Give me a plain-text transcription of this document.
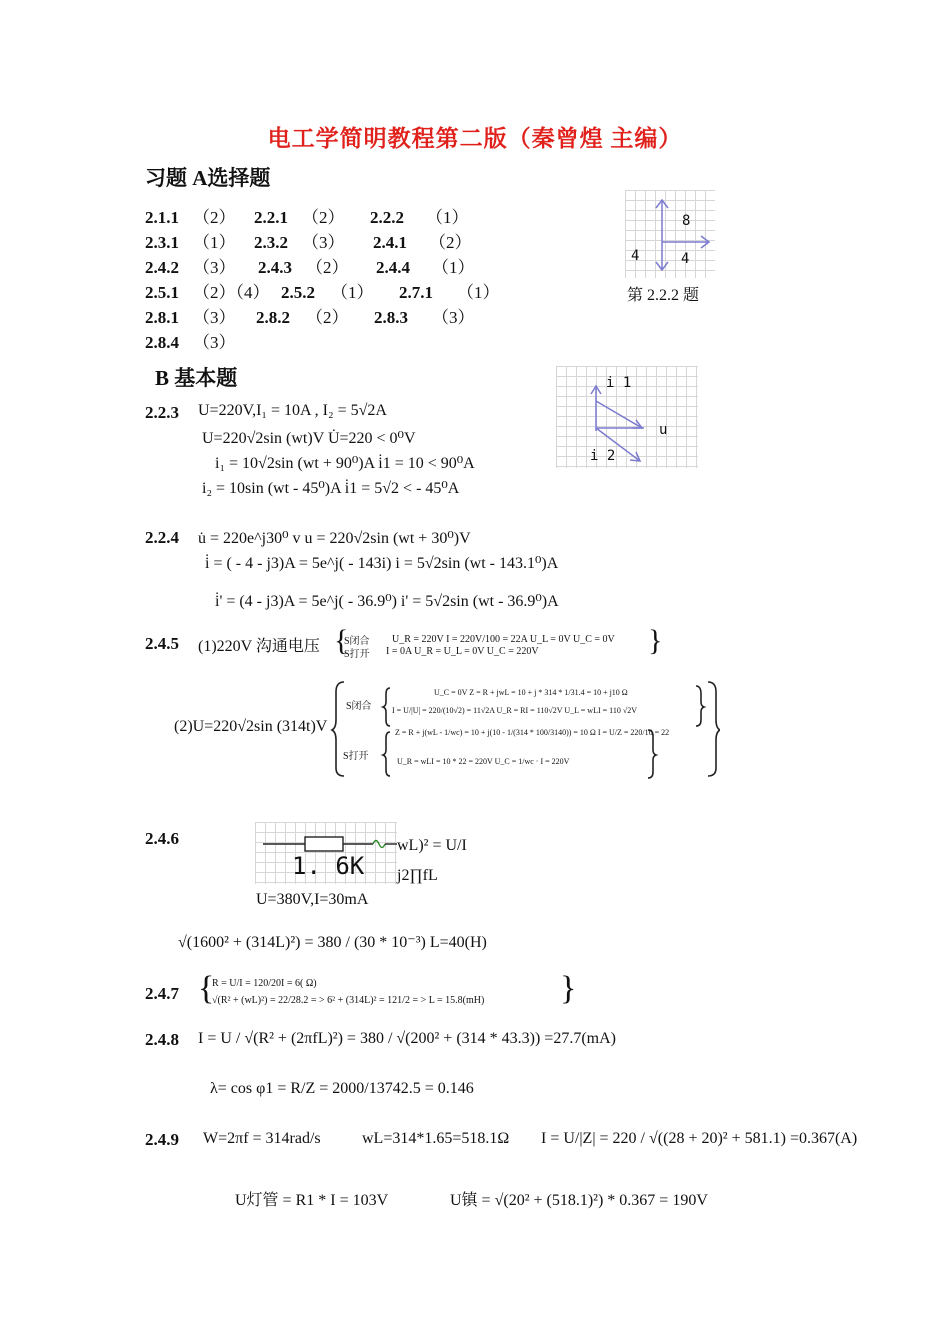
电工学简明教程第二版（秦曾煌 主编）
习题 A选择题
2.1.1 （2） 2.2.1 （2） 2.2.2 （1）
2.3.1 （1） 2.3.2 （3） 2.4.1 （2）
2.4.2 （3） 2.4.3 （2） 2.4.4 （1）
2.5.1 （2）（4） 2.5.2 （1） 2.7.1 （1）
2.8.1 （3） 2.8.2 （2） 2.8.3 （3）
2.8.4 （3）
8
4	4
第 2.2.2 题
B 基本题	i 1
u
i 2
2.2.3 U=220V,I₁ = 10A , I₂ = 5√2A
U=220√2sin (wt)V U̇=220 < 0⁰V
i₁ = 10√2sin (wt + 90⁰)A i̇1 = 10 < 90⁰A
i₂ = 10sin (wt - 45⁰)A i̇1 = 5√2 < - 45⁰A
2.2.4 u̇ = 220e^j30⁰ v u = 220√2sin (wt + 30⁰)V
i̇ = ( - 4 - j3)A = 5e^j( - 143i) i = 5√2sin (wt - 143.1⁰)A
i̇' = (4 - j3)A = 5e^j( - 36.9⁰) i' = 5√2sin (wt - 36.9⁰)A
2.4.5 (1)220V 沟通电压 {
S闭合
S打开
U_R = 220V I = 220V/100 = 22A U_L = 0V U_C = 0V
I = 0A U_R = U_L = 0V U_C = 220V	}
(2)U=220√2sin (314t)V
S闭合
S打开
U_C = 0V Z = R + jwL = 10 + j * 314 * 1/31.4 = 10 + j10 Ω
I = U/|U| = 220/(10√2) = 11√2A U_R = RI = 110√2V U_L = wLI = 110 √2V
Z = R + j(wL - 1/wc) = 10 + j(10 - 1/(314 * 100/3140)) = 10 Ω I = U/Z = 220/10 = 22
U_R = wLI = 10 * 22 = 220V U_C = 1/wc · I = 220V
2.4.6
1. 6K
wL)² = U/I
j2∏fL
U=380V,I=30mA
√(1600² + (314L)²) = 380 / (30 * 10⁻³) L=40(H)
2.4.7 {
R = U/I = 120/20I = 6( Ω)
√(R² + (wL)²) = 22/28.2 = > 6² + (314L)² = 121/2 = > L = 15.8(mH) }
2.4.8 I = U / √(R² + (2πfL)²) = 380 / √(200² + (314 * 43.3)) =27.7(mA)
λ= cos φ1 = R/Z = 2000/13742.5 = 0.146
2.4.9 W=2πf = 314rad/s	wL=314*1.65=518.1Ω I = U/|Z| = 220 / √((28 + 20)² + 581.1) =0.367(A)
U灯管 = R1 * I = 103V	U镇 = √(20² + (518.1)²) * 0.367 = 190V
